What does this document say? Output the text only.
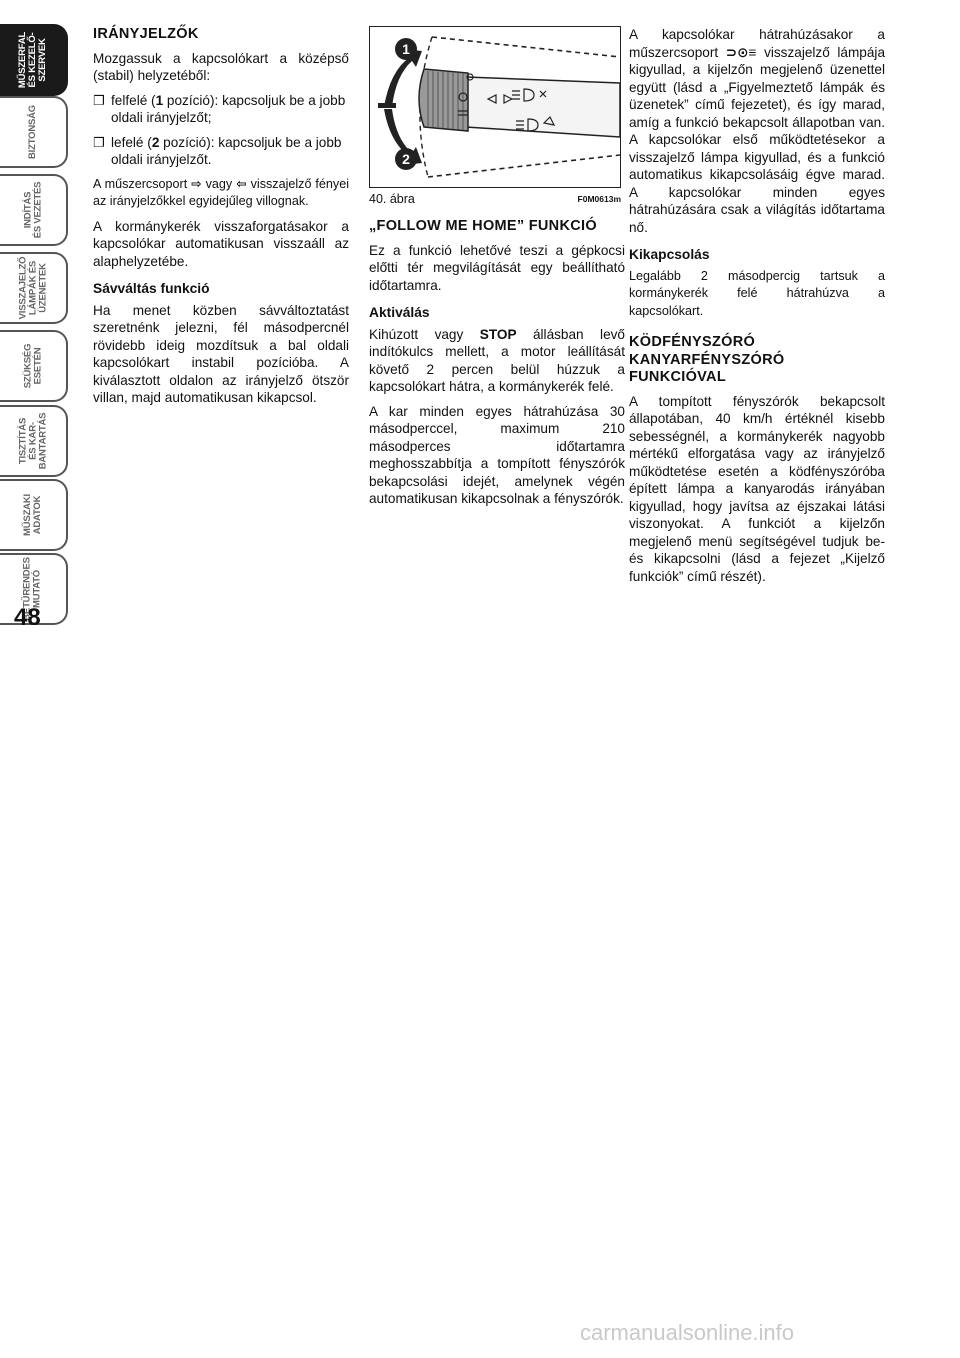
MŰSZERFAL
ÉS KEZELŐ-
SZERVEK
BIZTONSÁG
INDÍTÁS
ÉS VEZETÉS
VISSZAJELZŐ
LÁMPÁK ÉS
ÜZENETEK
SZÜKSÉG
ESETÉN
TISZTÍTÁS
ÉS KAR-
BANTARTÁS
MŰSZAKI
ADATOK
BETŰRENDES
MUTATÓ
48
IRÁNYJELZŐK

Mozgassuk a kapcsolókart a középső (stabil) helyzetéből:

❒ felfelé (1 pozíció): kapcsoljuk be a jobb oldali irányjelzőt;
❒ lefelé (2 pozíció): kapcsoljuk be a jobb oldali irányjelzőt.

A műszercsoport ⇨ vagy ⇦ visszajelző fényei az irányjelzőkkel egyidejűleg villognak.

A kormánykerék visszaforgatásakor a kapcsolókar automatikusan visszaáll az alaphelyzetébe.

Sávváltás funkció

Ha menet közben sávváltoztatást szeretnénk jelezni, fél másodpercnél rövidebb ideig mozdítsuk a bal oldali kapcsolókart instabil pozícióba. A kiválasztott oldalon az irányjelző ötször villan, majd automatikusan kikapcsol.

1
2
40. ábra	F0M0613m
„FOLLOW ME HOME” FUNKCIÓ

Ez a funkció lehetővé teszi a gépkocsi előtti tér megvilágítását egy beállítható időtartamra.

Aktiválás

Kihúzott vagy STOP állásban levő indítókulcs mellett, a motor leállítását követő 2 percen belül húzzuk a kapcsolókart hátra, a kormánykerék felé.

A kar minden egyes hátrahúzása 30 másodperccel, maximum 210 másodperces időtartamra meghosszabbítja a tompított fényszórók bekapcsolási idejét, amelynek végén automatikusan kikapcsolnak a fényszórók.

A kapcsolókar hátrahúzásakor a műszercsoport ⊃⊙≡ visszajelző lámpája kigyullad, a kijelzőn megjelenő üzenettel együtt (lásd a „Figyelmeztető lámpák és üzenetek” című fejezetet), és így marad, amíg a funkció bekapcsolt állapotban van. A kapcsolókar első működtetésekor a visszajelző lámpa kigyullad, és a funkció automatikus kikapcsolásáig égve marad. A kapcsolókar minden egyes hátrahúzására csak a világítás időtartama nő.

Kikapcsolás

Legalább 2 másodpercig tartsuk a kormánykerék felé hátrahúzva a kapcsolókart.

KÖDFÉNYSZÓRÓ KANYARFÉNYSZÓRÓ FUNKCIÓVAL

A tompított fényszórók bekapcsolt állapotában, 40 km/h értéknél kisebb sebességnél, a kormánykerék nagyobb mértékű elforgatása vagy az irányjelző működtetése esetén a ködfényszóróba épített lámpa a kanyarodás irányában kigyullad, hogy javítsa az éjszakai látási viszonyokat. A funkciót a kijelzőn megjelenő menü segítségével tudjuk be- és kikapcsolni (lásd a fejezet „Kijelző funkciók” című részét).

carmanualsonline.info
